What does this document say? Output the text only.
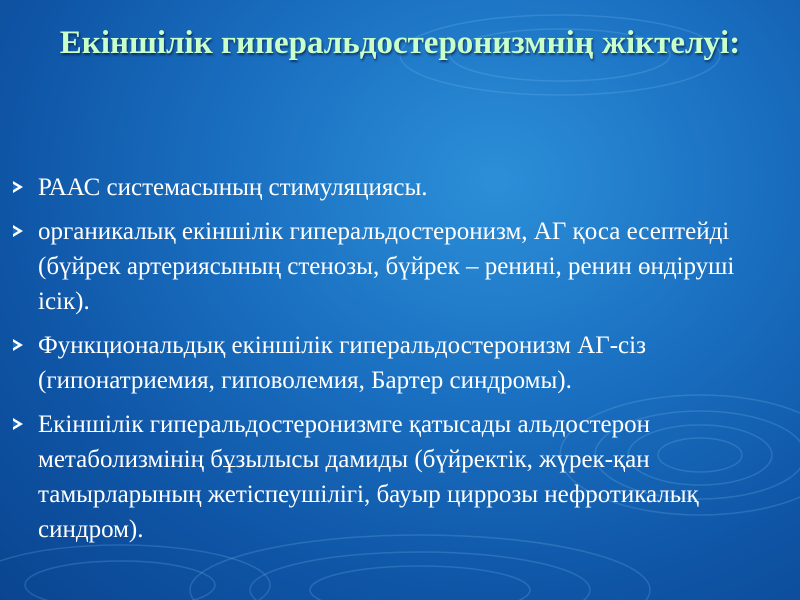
Екіншілік гиперальдостеронизмнің жіктелуі:
РААС системасының стимуляциясы.
органикалық екіншілік гиперальдостеронизм, АГ қоса есептейді (бүйрек артериясының стенозы, бүйрек – ренині, ренин өндіруші ісік).
Функциональдық екіншілік гиперальдостеронизм АГ-сіз (гипонатриемия, гиповолемия, Бартер синдромы).
Екіншілік гиперальдостеронизмге қатысады альдостерон метаболизмінің бұзылысы дамиды (бүйректік, жүрек-қан тамырларының жетіспеушілігі, бауыр циррозы нефротикалық синдром).
